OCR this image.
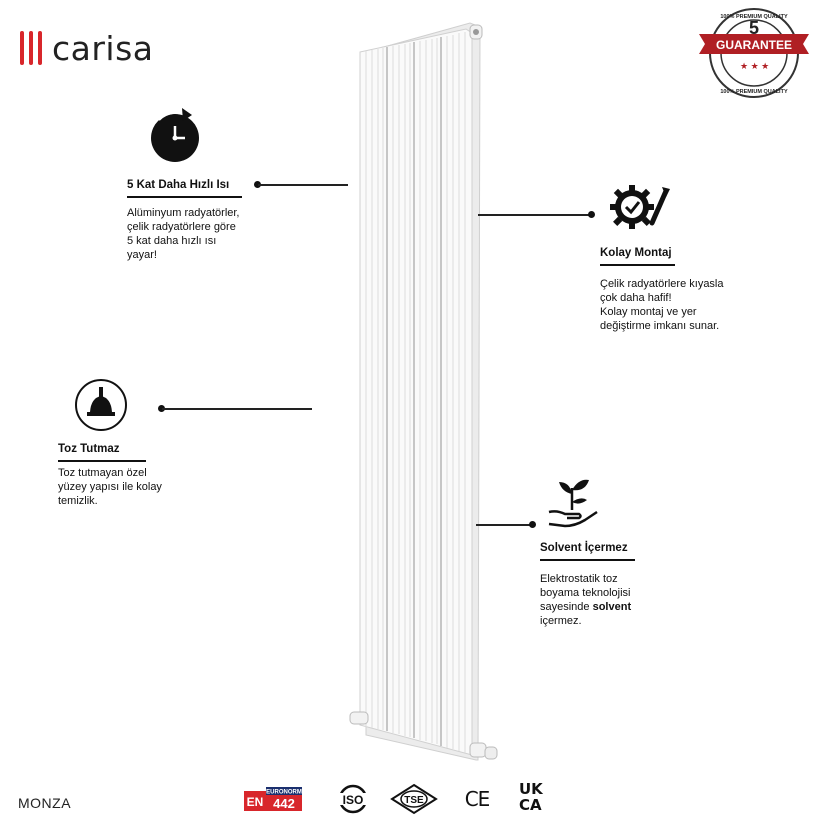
carisa	GUARANTEE
5
★ ★ ★
100% PREMIUM QUALITY
100% PREMIUM QUALITY
5 Kat Daha Hızlı Isı
Alüminyum radyatörler,
çelik radyatörlere göre
5 kat daha hızlı ısı
yayar!	Kolay Montaj
Çelik radyatörlere kıyasla
çok daha hafif!
Kolay montaj ve yer
değiştirme imkanı sunar.
Toz Tutmaz
Toz tutmayan özel
yüzey yapısı ile kolay
temizlik.
Solvent İçermez
Elektrostatik toz
boyama teknolojisi
sayesinde solvent
içermez.
MONZA	EN 442
EURONORM
ISO	TSE CE UK
CA
